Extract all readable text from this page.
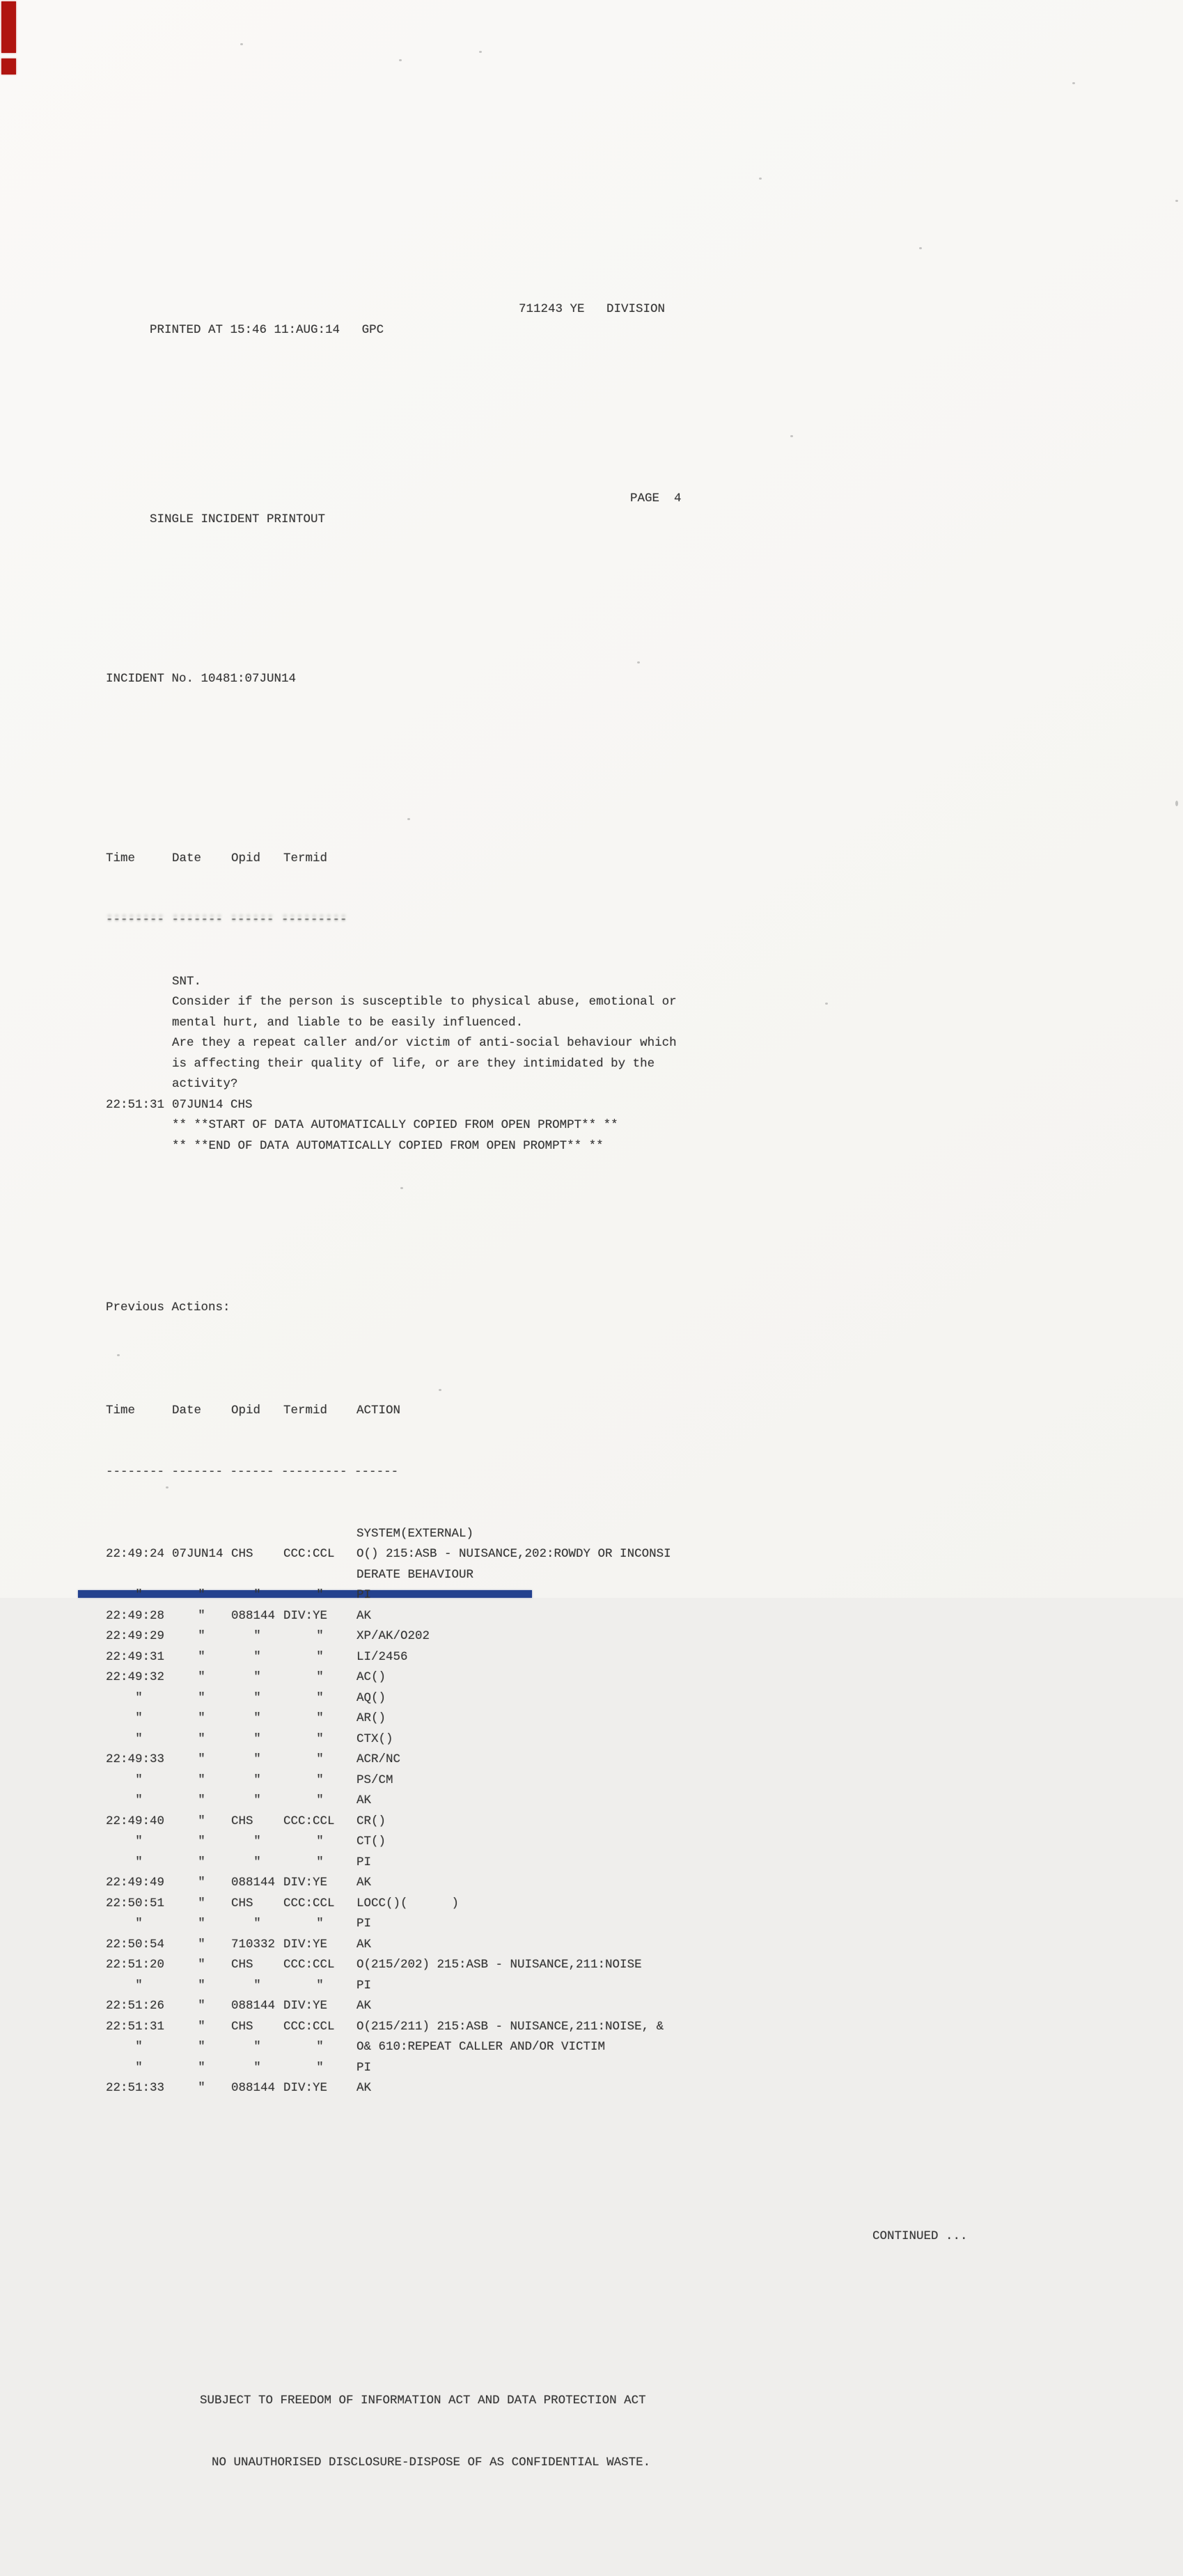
PRINTED AT 15:46 11:AUG:14   GPC

711243 YE   DIVISION

SINGLE INCIDENT PRINTOUT

PAGE  4

INCIDENT No. 10481:07JUN14

Time	Date	Opid	Termid

-------- ------- ------ ---------

SNT.
Consider if the person is susceptible to physical abuse, emotional or
mental hurt, and liable to be easily influenced.
Are they a repeat caller and/or victim of anti-social behaviour which
is affecting their quality of life, or are they intimidated by the
activity?
22:51:31 07JUN14 CHS
** **START OF DATA AUTOMATICALLY COPIED FROM OPEN PROMPT** **
** **END OF DATA AUTOMATICALLY COPIED FROM OPEN PROMPT** **

Previous Actions:

Time	Date	Opid	Termid	ACTION

-------- ------- ------ --------- ------

SYSTEM(EXTERNAL)
22:49:24 07JUN14 CHS	CCC:CCL	O() 215:ASB - NUISANCE,202:ROWDY OR INCONSI
DERATE BEHAVIOUR
"	"	"	"	PI
22:49:28	"	088144 DIV:YE	AK
22:49:29	"	"	"	XP/AK/O202
22:49:31	"	"	"	LI/2456
22:49:32	"	"	"	AC()
"	"	"	"	AQ()
"	"	"	"	AR()
"	"	"	"	CTX()
22:49:33	"	"	"	ACR/NC
"	"	"	"	PS/CM
"	"	"	"	AK
22:49:40	"	CHS	CCC:CCL	CR()
"	"	"	"	CT()
"	"	"	"	PI
22:49:49	"	088144 DIV:YE	AK
22:50:51	"	CHS	CCC:CCL	LOCC()(      )
"	"	"	"	PI
22:50:54	"	710332 DIV:YE	AK
22:51:20	"	CHS	CCC:CCL	O(215/202) 215:ASB - NUISANCE,211:NOISE
"	"	"	"	PI
22:51:26	"	088144 DIV:YE	AK
22:51:31	"	CHS	CCC:CCL	O(215/211) 215:ASB - NUISANCE,211:NOISE, &
"	"	"	"	O& 610:REPEAT CALLER AND/OR VICTIM
"	"	"	"	PI
22:51:33	"	088144 DIV:YE	AK

CONTINUED ...

SUBJECT TO FREEDOM OF INFORMATION ACT AND DATA PROTECTION ACT

NO UNAUTHORISED DISCLOSURE-DISPOSE OF AS CONFIDENTIAL WASTE.
